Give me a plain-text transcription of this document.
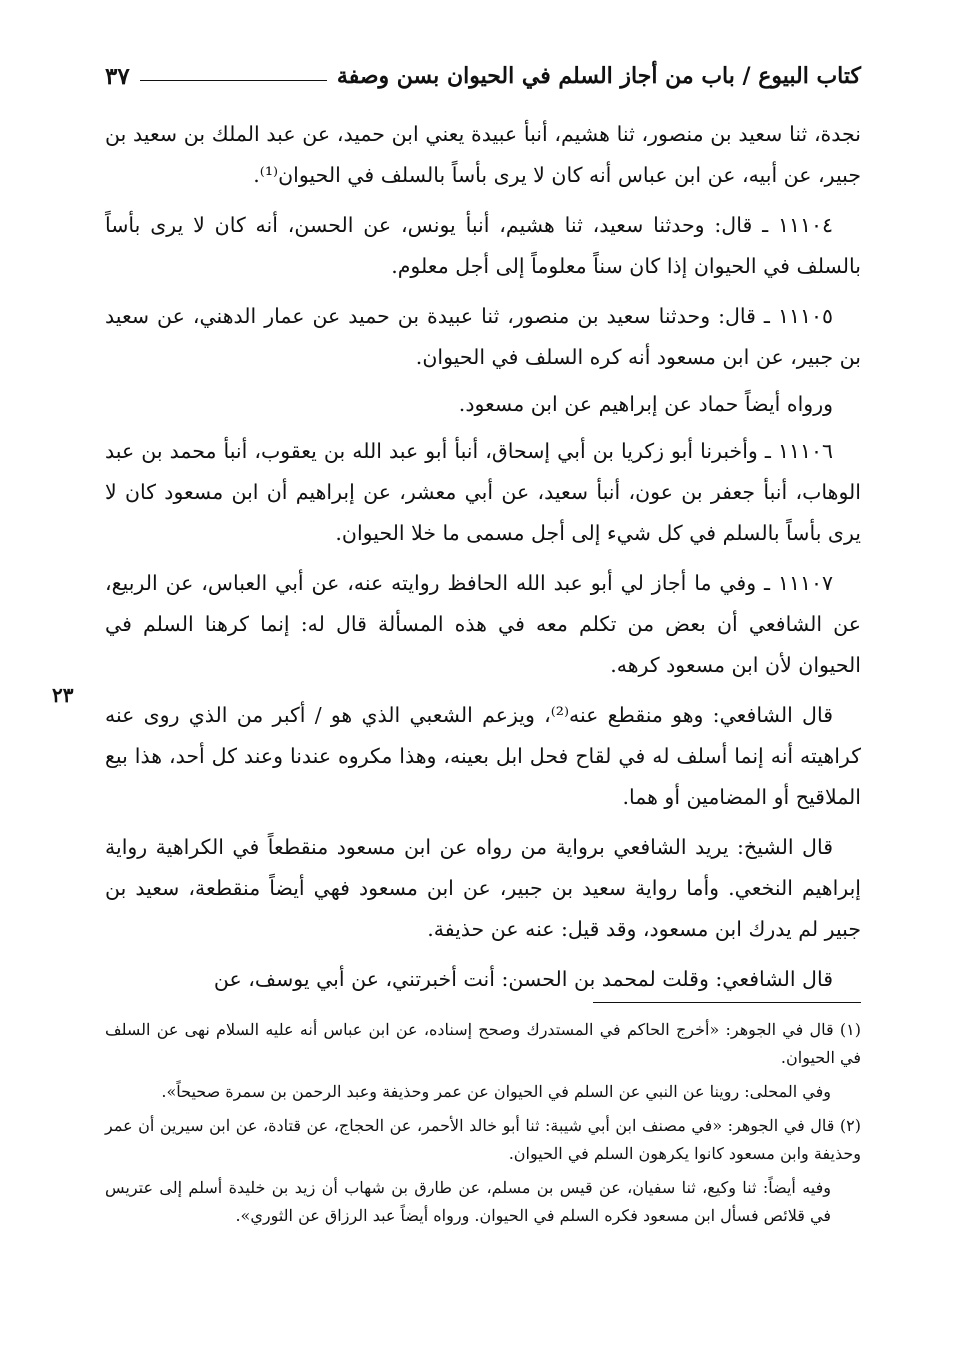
كتاب البيوع / باب من أجاز السلم في الحيوان بسن وصفة
٣٧

نجدة، ثنا سعيد بن منصور، ثنا هشيم، أنبأ عبيدة يعني ابن حميد، عن عبد الملك بن سعيد بن جبير، عن أبيه، عن ابن عباس أنه كان لا يرى بأساً بالسلف في الحيوان⁽¹⁾.

١١١٠٤ ـ قال: وحدثنا سعيد، ثنا هشيم، أنبأ يونس، عن الحسن، أنه كان لا يرى بأساً بالسلف في الحيوان إذا كان سناً معلوماً إلى أجل معلوم.

١١١٠٥ ـ قال: وحدثنا سعيد بن منصور، ثنا عبيدة بن حميد عن عمار الدهني، عن سعيد بن جبير، عن ابن مسعود أنه كره السلف في الحيوان.

ورواه أيضاً حماد عن إبراهيم عن ابن مسعود.

١١١٠٦ ـ وأخبرنا أبو زكريا بن أبي إسحاق، أنبأ أبو عبد الله بن يعقوب، أنبأ محمد بن عبد الوهاب، أنبأ جعفر بن عون، أنبأ سعيد، عن أبي معشر، عن إبراهيم أن ابن مسعود كان لا يرى بأساً بالسلم في كل شيء إلى أجل مسمى ما خلا الحيوان.

١١١٠٧ ـ وفي ما أجاز لي أبو عبد الله الحافظ روايته عنه، عن أبي العباس، عن الربيع، عن الشافعي أن بعض من تكلم معه في هذه المسألة قال له: إنما كرهنا السلم في الحيوان لأن ابن مسعود كرهه.

قال الشافعي: وهو منقطع عنه⁽²⁾، ويزعم الشعبي الذي هو / أكبر من الذي روى عنه كراهيته أنه إنما أسلف له في لقاح فحل ابل بعينه، وهذا مكروه عندنا وعند كل أحد، هذا بيع الملاقيح أو المضامين أو هما.

قال الشيخ: يريد الشافعي برواية من رواه عن ابن مسعود منقطعاً في الكراهية رواية إبراهيم النخعي. وأما رواية سعيد بن جبير، عن ابن مسعود فهي أيضاً منقطعة، سعيد بن جبير لم يدرك ابن مسعود، وقد قيل: عنه عن حذيفة.

قال الشافعي: وقلت لمحمد بن الحسن: أنت أخبرتني، عن أبي يوسف، عن

٢٣

(١) قال في الجوهر: «أخرج الحاكم في المستدرك وصحح إسناده، عن ابن عباس أنه عليه السلام نهى عن السلف في الحيوان.

وفي المحلى: روينا عن النبي عن السلم في الحيوان عن عمر وحذيفة وعبد الرحمن بن سمرة صحيحاً».

(٢) قال في الجوهر: «في مصنف ابن أبي شيبة: ثنا أبو خالد الأحمر، عن الحجاج، عن قتادة، عن ابن سيرين أن عمر وحذيفة وابن مسعود كانوا يكرهون السلم في الحيوان.

وفيه أيضاً: ثنا وكيع، ثنا سفيان، عن قيس بن مسلم، عن طارق بن شهاب أن زيد بن خليدة أسلم إلى عتريس في قلائص فسأل ابن مسعود فكره السلم في الحيوان. ورواه أيضاً عبد الرزاق عن الثوري».
